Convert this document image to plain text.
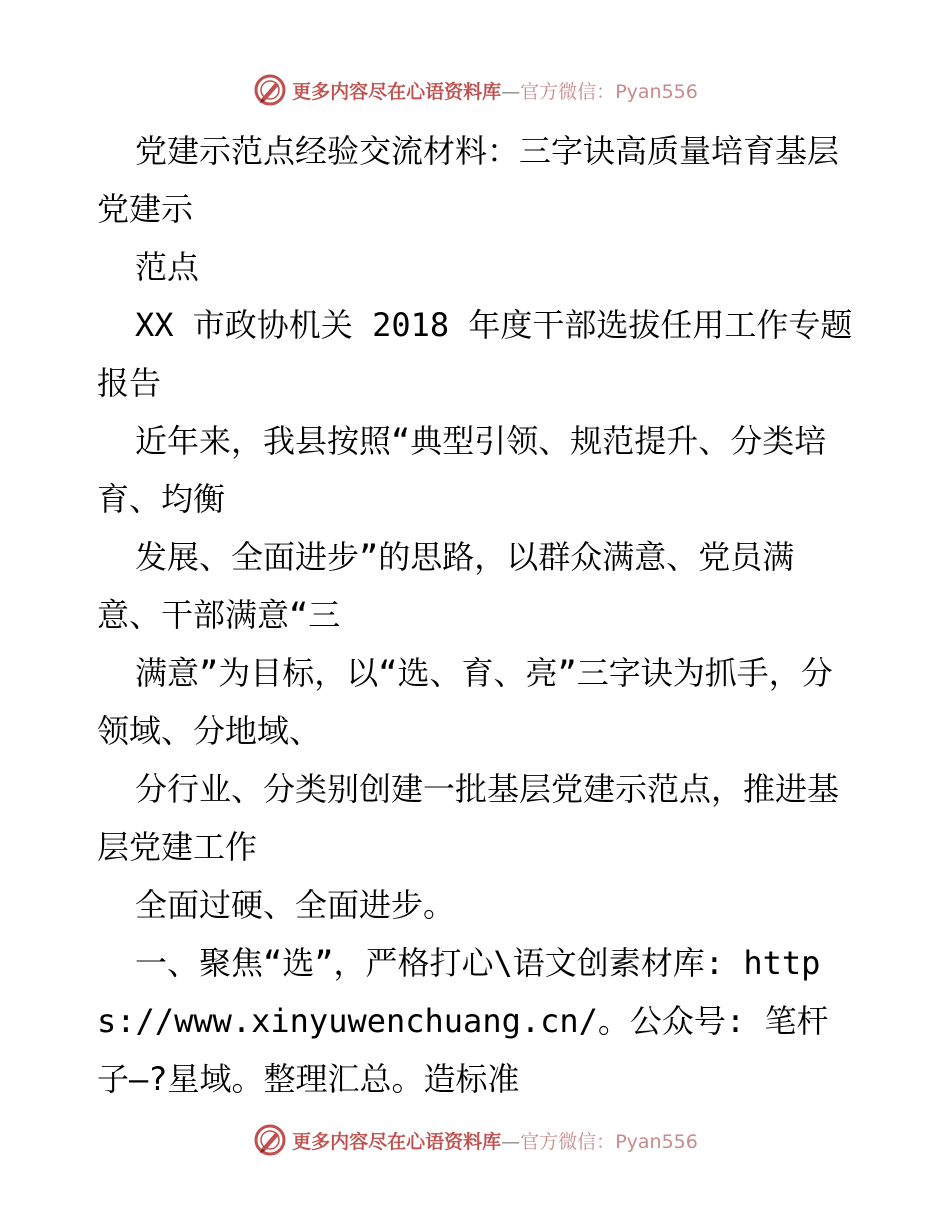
更多内容尽在心语资料库—官方微信：Pyan556

党建示范点经验交流材料：三字诀高质量培育基层党建示

范点

XX 市政协机关 2018 年度干部选拔任用工作专题报告

近年来，我县按照“典型引领、规范提升、分类培育、均衡

发展、全面进步”的思路，以群众满意、党员满意、干部满意“三

满意”为目标，以“选、育、亮”三字诀为抓手，分领域、分地域、

分行业、分类别创建一批基层党建示范点，推进基层党建工作

全面过硬、全面进步。

一、聚焦“选”，严格打心\语文创素材库: https://www.xinyuwenchuang.cn/。公众号: 笔杆子—?星域。整理汇总。造标准

更多内容尽在心语资料库—官方微信：Pyan556
